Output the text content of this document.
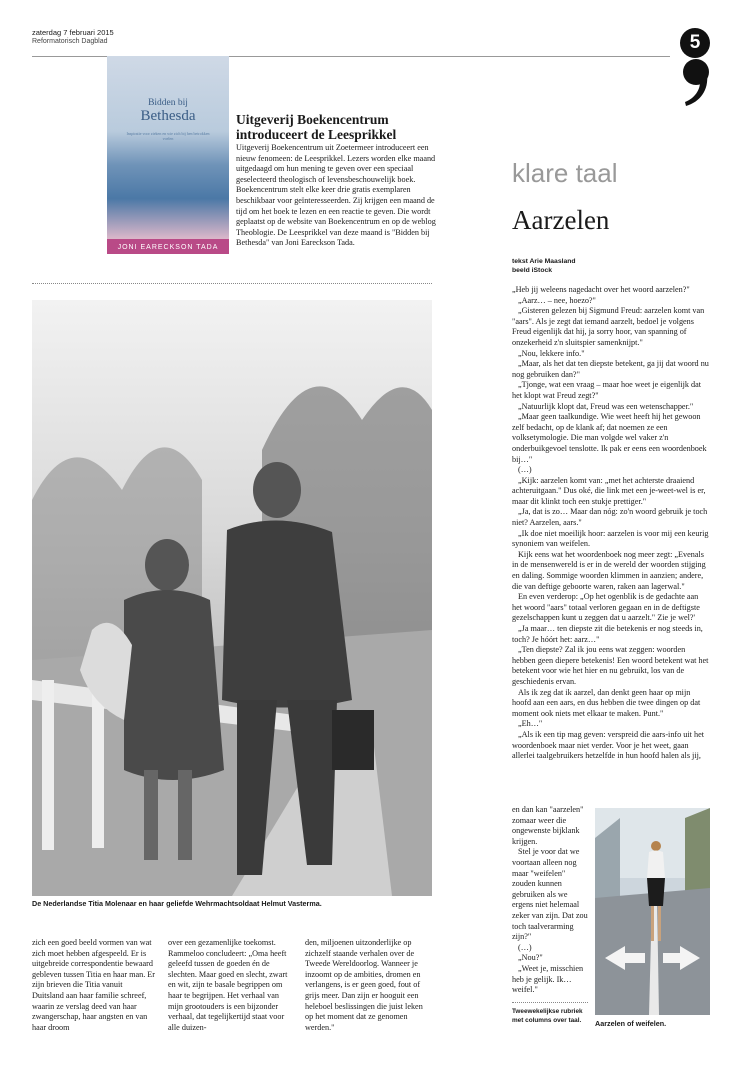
zaterdag 7 februari 2015
Reformatorisch Dagblad	5
Bidden bij
Bethesda
Inspiratie voor zieken en wie zich bij hen betrokken voelen
JONI EARECKSON TADA
Uitgeverij Boekencentrum introduceert de Leesprikkel
Uitgeverij Boekencentrum uit Zoetermeer introduceert een nieuw fenomeen: de Leesprikkel. Lezers worden elke maand uitgedaagd om hun mening te geven over een speciaal geselecteerd theologisch of levensbeschouwelijk boek. Boekencentrum stelt elke keer drie gratis exemplaren beschikbaar voor geïnteresseerden. Zij krijgen een maand de tijd om het boek te lezen en een reactie te geven. Die wordt geplaatst op de website van Boekencentrum en op de weblog Theoblogie. De Leesprikkel van deze maand is "Bidden bij Bethesda" van Joni Eareckson Tada.
De Nederlandse Titia Molenaar en haar geliefde Wehrmachtsoldaat Helmut Vasterma.
zich een goed beeld vormen van wat zich moet hebben afgespeeld. Er is uitgebreide correspondentie bewaard gebleven tussen Titia en haar man. Er zijn brieven die Titia vanuit Duitsland aan haar familie schreef, waarin ze verslag deed van haar zwangerschap, haar angsten en van haar droom
over een gezamenlijke toekomst. Rammeloo concludeert: „Oma heeft geleefd tussen de goeden én de slechten. Maar goed en slecht, zwart en wit, zijn te basale begrippen om haar te begrijpen. Het verhaal van mijn grootouders is een bijzonder verhaal, dat tegelijkertijd staat voor alle duizen-
den, miljoenen uitzonderlijke op zichzelf staande verhalen over de Tweede Wereldoorlog. Wanneer je inzoomt op de ambities, dromen en verlangens, is er geen goed, fout of grijs meer. Dan zijn er hooguit een heleboel beslissingen die juist leken op het moment dat ze genomen werden."
klare taal
Aarzelen
tekst Arie Maasland
beeld iStock

„Heb jij weleens nagedacht over het woord aarzelen?"

„Aarz… – nee, hoezo?"

„Gisteren gelezen bij Sigmund Freud: aarzelen komt van "aars". Als je zegt dat iemand aarzelt, bedoel je volgens Freud eigenlijk dat hij, ja sorry hoor, van spanning of onzekerheid z'n sluitspier samenknijpt."

„Nou, lekkere info."

„Maar, als het dat ten diepste betekent, ga jij dat woord nu nog gebruiken dan?"

„Tjonge, wat een vraag – maar hoe weet je eigenlijk dat het klopt wat Freud zegt?"

„Natuurlijk klopt dat, Freud was een wetenschapper."

„Maar geen taalkundige. Wie weet heeft hij het gewoon zelf bedacht, op de klank af; dat noemen ze een volksetymologie. Die man volgde wel vaker z'n onderbuikgevoel tenslotte. Ik pak er eens een woordenboek bij…"

(…)

„Kijk: aarzelen komt van: „met het achterste draaiend achteruitgaan." Dus oké, die link met een je-weet-wel is er, maar dit klinkt toch een stukje prettiger."

„Ja, dat is zo… Maar dan nóg: zo'n woord gebruik je toch niet? Aarzelen, aars."

„Ik doe niet moeilijk hoor: aarzelen is voor mij een keurig synoniem van weifelen.

Kijk eens wat het woordenboek nog meer zegt: „Evenals in de mensenwereld is er in de wereld der woorden stijging en daling. Sommige woorden klimmen in aanzien; andere, die van deftige geboorte waren, raken aan lagerwal."

En even verderop: „Op het ogenblik is de gedachte aan het woord "aars" totaal verloren gegaan en in de deftigste gezelschappen kunt u zeggen dat u aarzelt." Zie je wel?'

„Ja maar… ten diepste zit die betekenis er nog steeds in, toch? Je hóórt het: aarz…"

„Ten diepste? Zal ik jou eens wat zeggen: woorden hebben geen diepere betekenis! Een woord betekent wat het betekent voor wie het hier en nu gebruikt, los van de geschiedenis ervan.

Als ik zeg dat ik aarzel, dan denkt geen haar op mijn hoofd aan een aars, en dus hebben die twee dingen op dat moment ook niets met elkaar te maken. Punt."

„Eh…"

„Als ik een tip mag geven: verspreid die aars-info uit het woordenboek maar niet verder. Voor je het weet, gaan allerlei taalgebruikers hetzelfde in hun hoofd halen als jij,

en dan kan "aarzelen" zomaar weer die ongewenste bijklank krijgen.

Stel je voor dat we voortaan alleen nog maar "weifelen" zouden kunnen gebruiken als we ergens niet helemaal zeker van zijn. Dat zou toch taalverarming zijn?"

(…)

„Nou?"

„Weet je, misschien heb je gelijk. Ik… weifel."

Aarzelen of weifelen.
Tweewekelijkse rubriek met columns over taal.
